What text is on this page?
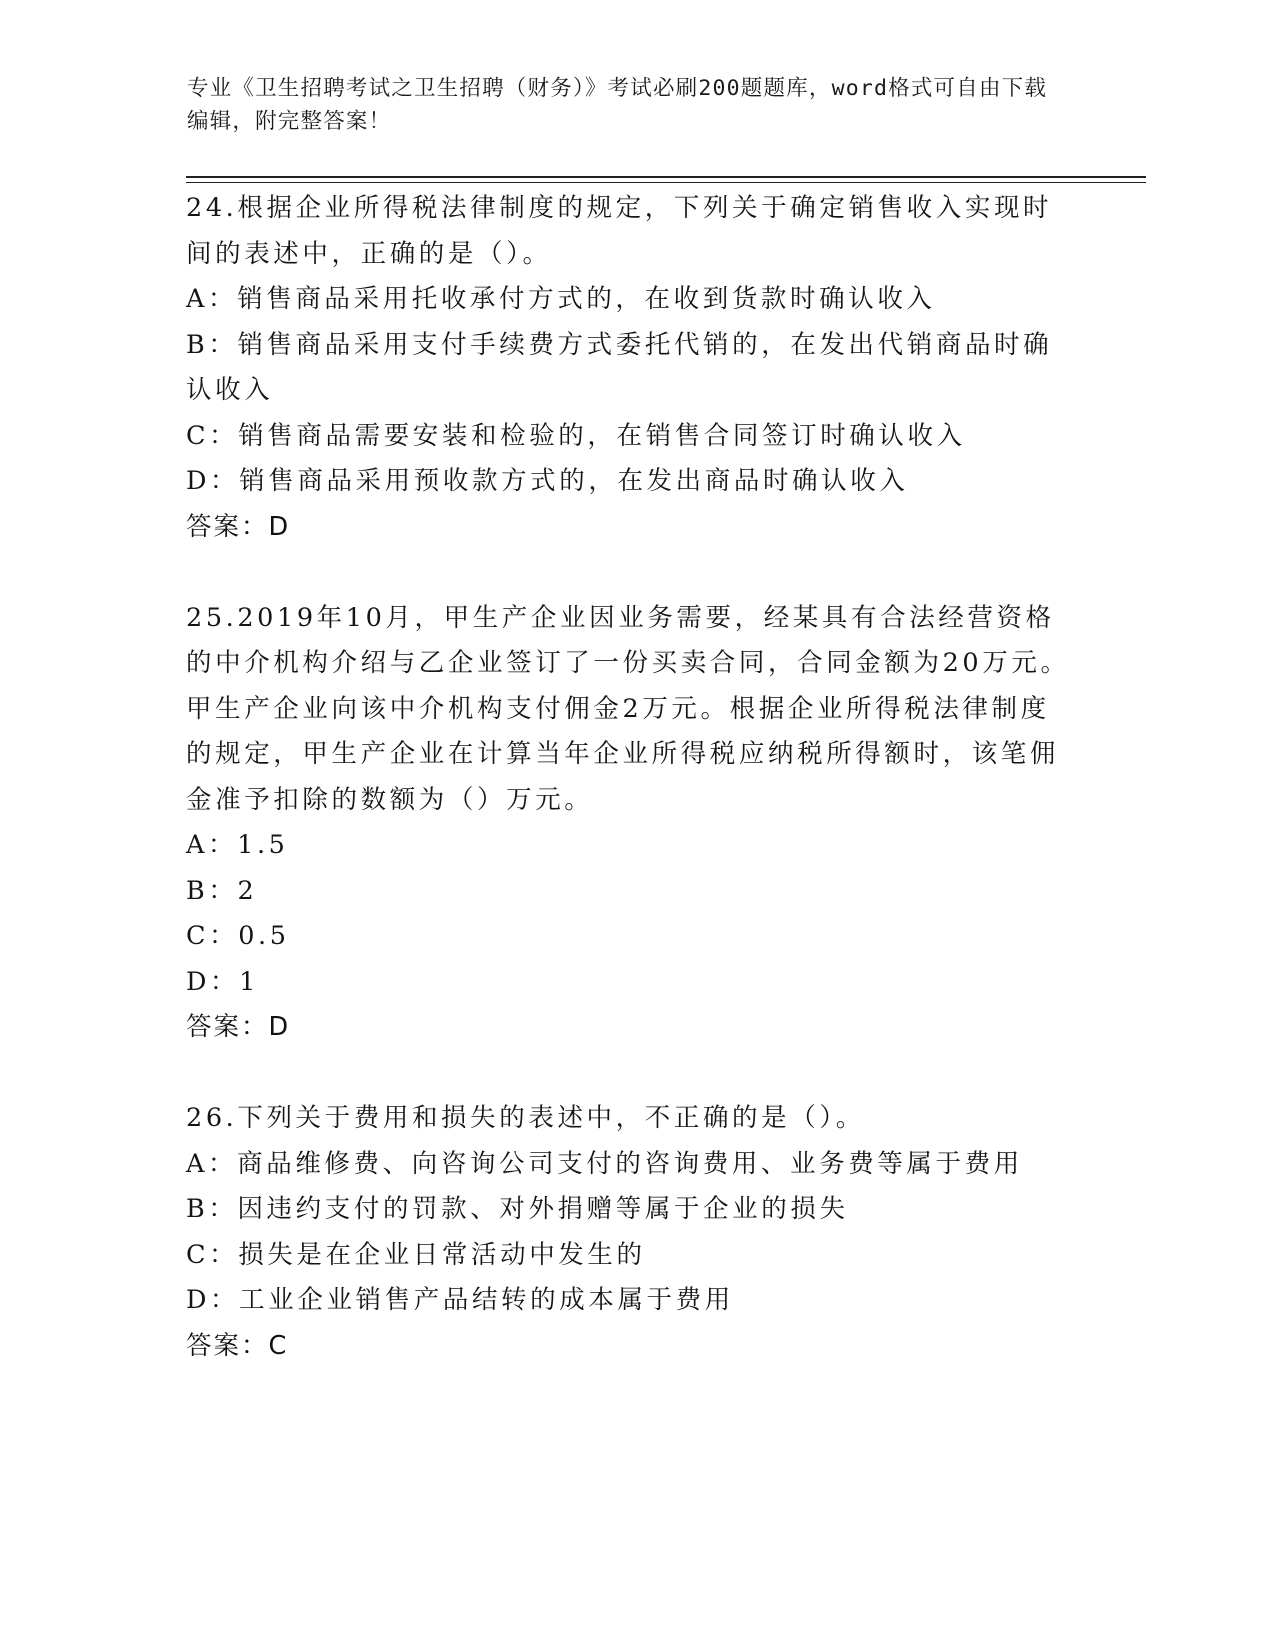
专业《卫生招聘考试之卫生招聘（财务）》考试必刷200题题库，word格式可自由下载编辑，附完整答案！

24.根据企业所得税法律制度的规定，下列关于确定销售收入实现时间的表述中，正确的是（）。

A：销售商品采用托收承付方式的，在收到货款时确认收入

B：销售商品采用支付手续费方式委托代销的，在发出代销商品时确认收入

C：销售商品需要安装和检验的，在销售合同签订时确认收入

D：销售商品采用预收款方式的，在发出商品时确认收入

答案：D

25.2019年10月，甲生产企业因业务需要，经某具有合法经营资格的中介机构介绍与乙企业签订了一份买卖合同，合同金额为20万元。甲生产企业向该中介机构支付佣金2万元。根据企业所得税法律制度的规定，甲生产企业在计算当年企业所得税应纳税所得额时，该笔佣金准予扣除的数额为（）万元。

A：1.5

B：2

C：0.5

D：1

答案：D

26.下列关于费用和损失的表述中，不正确的是（）。

A：商品维修费、向咨询公司支付的咨询费用、业务费等属于费用

B：因违约支付的罚款、对外捐赠等属于企业的损失

C：损失是在企业日常活动中发生的

D：工业企业销售产品结转的成本属于费用

答案：C
